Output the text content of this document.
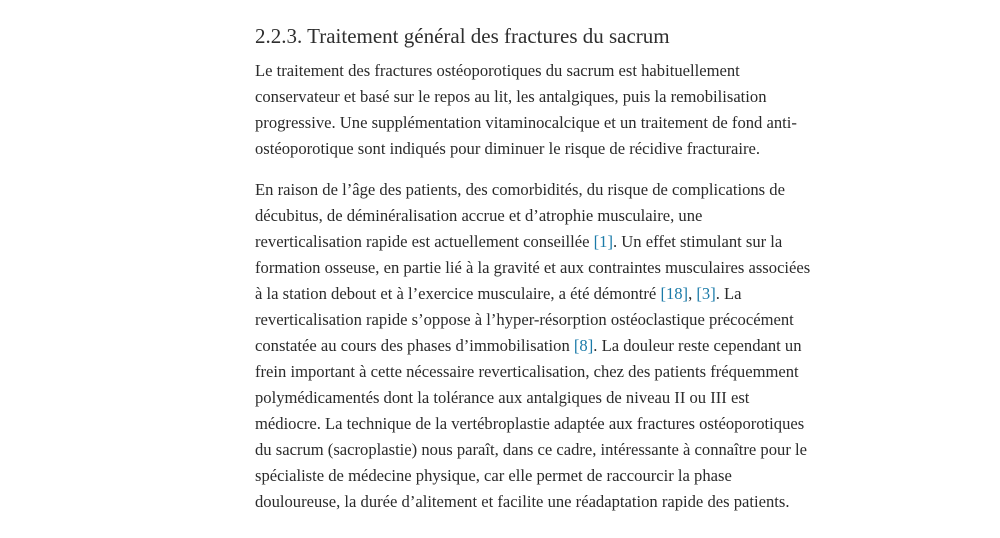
2.2.3. Traitement général des fractures du sacrum

Le traitement des fractures ostéoporotiques du sacrum est habituellement
conservateur et basé sur le repos au lit, les antalgiques, puis la remobilisation
progressive. Une supplémentation vitaminocalcique et un traitement de fond anti-
ostéoporotique sont indiqués pour diminuer le risque de récidive fracturaire.

En raison de l’âge des patients, des comorbidités, du risque de complications de
décubitus, de déminéralisation accrue et d’atrophie musculaire, une
reverticalisation rapide est actuellement conseillée [1]. Un effet stimulant sur la
formation osseuse, en partie lié à la gravité et aux contraintes musculaires associées
à la station debout et à l’exercice musculaire, a été démontré [18], [3]. La
reverticalisation rapide s’oppose à l’hyper-résorption ostéoclastique précocément
constatée au cours des phases d’immobilisation [8]. La douleur reste cependant un
frein important à cette nécessaire reverticalisation, chez des patients fréquemment
polymédicamentés dont la tolérance aux antalgiques de niveau II ou III est
médiocre. La technique de la vertébroplastie adaptée aux fractures ostéoporotiques
du sacrum (sacroplastie) nous paraît, dans ce cadre, intéressante à connaître pour le
spécialiste de médecine physique, car elle permet de raccourcir la phase
douloureuse, la durée d’alitement et facilite une réadaptation rapide des patients.
